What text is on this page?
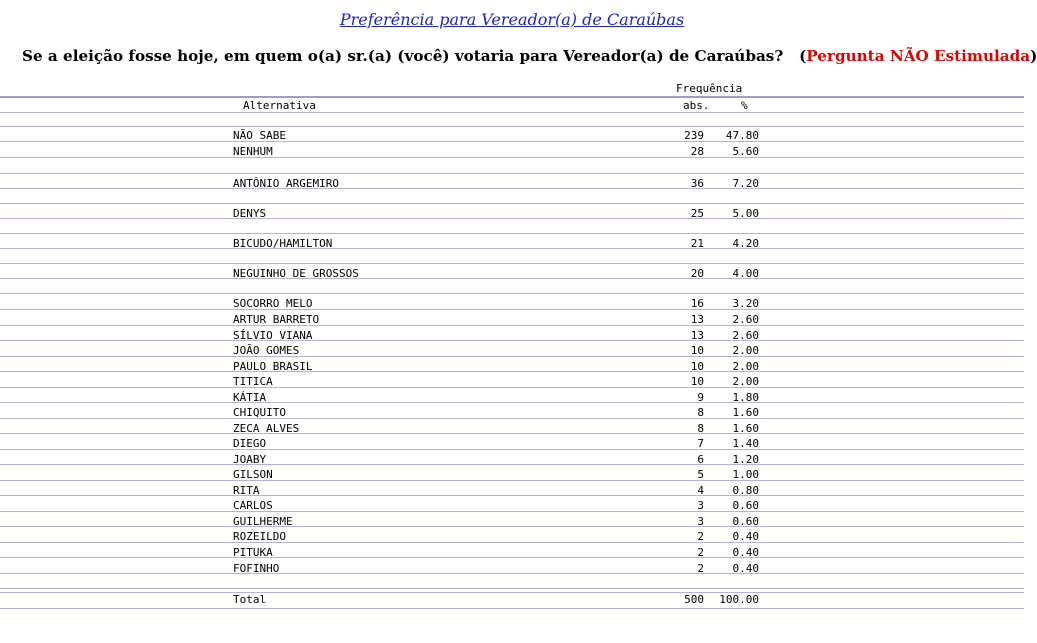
Preferência para Vereador(a) de Caraúbas
Se a eleição fosse hoje, em quem o(a) sr.(a) (você) votaria para Vereador(a) de Caraúbas? (Pergunta NÃO Estimulada)
Frequência
Alternativa	abs.	%
NÃO SABE	239	47.80
NENHUM	28	5.60
ANTÔNIO ARGEMIRO	36	7.20
DENYS	25	5.00
BICUDO/HAMILTON	21	4.20
NEGUINHO DE GROSSOS	20	4.00
SOCORRO MELO	16	3.20
ARTUR BARRETO	13	2.60
SÍLVIO VIANA	13	2.60
JOÃO GOMES	10	2.00
PAULO BRASIL	10	2.00
TITICA	10	2.00
KÁTIA	9	1.80
CHIQUITO	8	1.60
ZECA ALVES	8	1.60
DIEGO	7	1.40
JOABY	6	1.20
GILSON	5	1.00
RITA	4	0.80
CARLOS	3	0.60
GUILHERME	3	0.60
ROZEILDO	2	0.40
PITUKA	2	0.40
FOFINHO	2	0.40
Total	500	100.00
